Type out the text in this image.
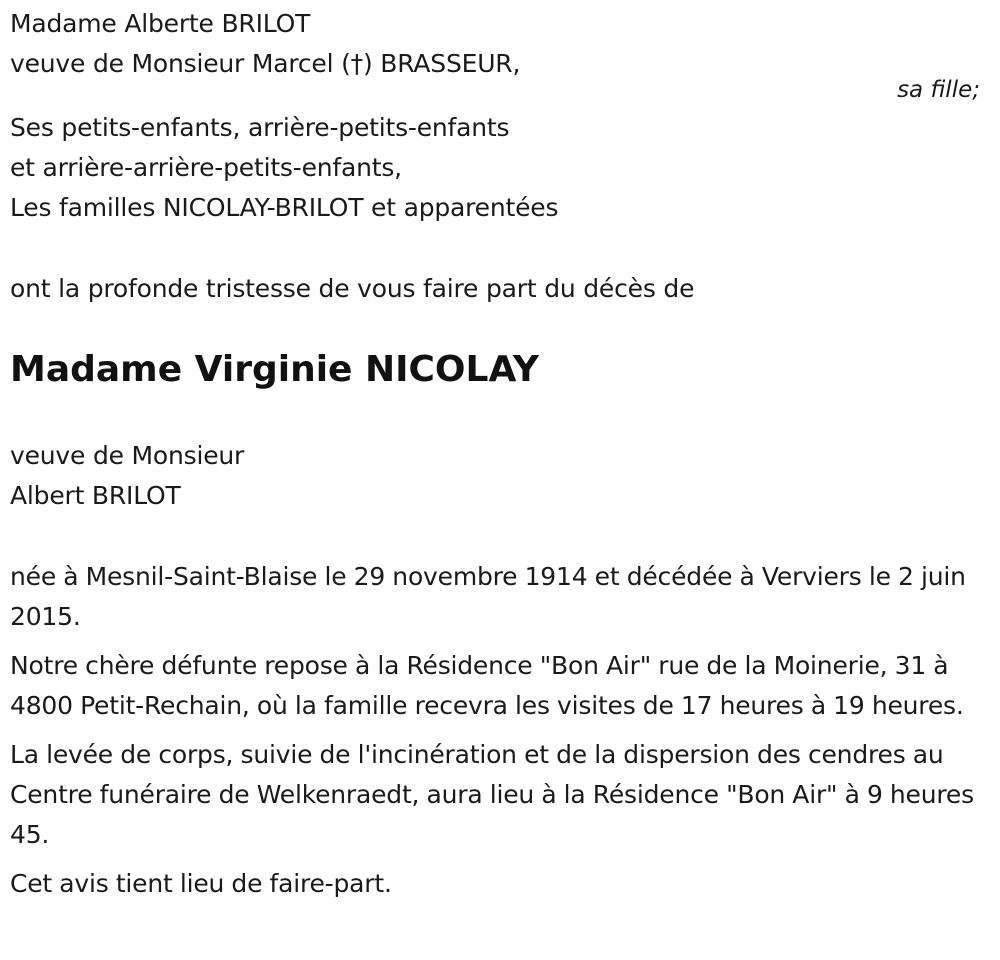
Madame Alberte BRILOT
veuve de Monsieur Marcel (†) BRASSEUR,
sa fille;
Ses petits-enfants, arrière-petits-enfants
et arrière-arrière-petits-enfants,
Les familles NICOLAY-BRILOT et apparentées
ont la profonde tristesse de vous faire part du décès de
Madame Virginie NICOLAY
veuve de Monsieur
Albert BRILOT

née à Mesnil-Saint-Blaise le 29 novembre 1914 et décédée à Verviers le 2 juin 2015.

Notre chère défunte repose à la Résidence "Bon Air" rue de la Moinerie, 31 à 4800 Petit-Rechain, où la famille recevra les visites de 17 heures à 19 heures.

La levée de corps, suivie de l'incinération et de la dispersion des cendres au Centre funéraire de Welkenraedt, aura lieu à la Résidence "Bon Air" à 9 heures 45.

Cet avis tient lieu de faire-part.
